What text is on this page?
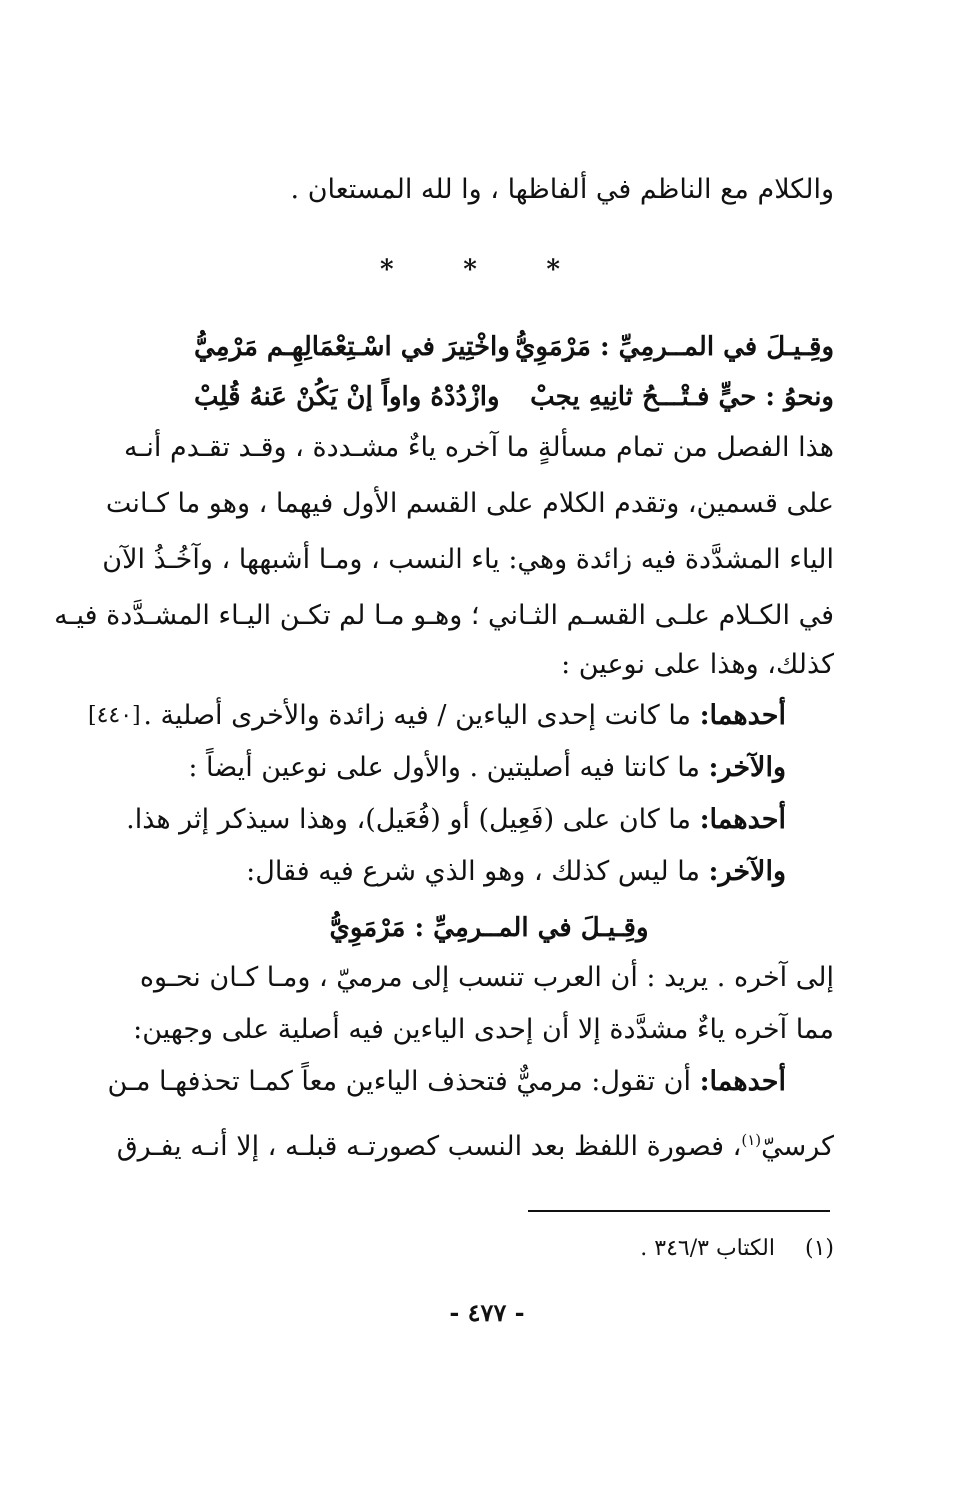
والكلام مع الناظم في ألفاظها ، وا لله المستعان .
*
*
*
وقِـيـلَ في المــرمِيِّ : مَرْمَوِيُّ
واخْتِيرَ في اسْـتِعْمَالِهِـم مَرْمِيُّ
ونحوُ : حيٍّ فـتْـــحُ ثانِيهِ يجبْ
وازْدُدْهُ واواً إنْ يَكُنْ عَنهُ قُلِبْ
هذا الفصل من تمام مسألةٍ ما آخره ياءٌ مشـددة ، وقـد تقـدم أنـه
على قسمين، وتقدم الكلام على القسم الأول فيهما ، وهو ما كـانت
الياء المشدَّدة فيه زائدة وهي: ياء النسب ، ومـا أشبهها ، وآخُـذُ الآن
في الكـلام علـى القسـم الثـاني ؛ وهـو مـا لم تكـن اليـاء المشـدَّدة فيـه
كذلك، وهذا على نوعين :
أحدهما: ما كانت إحدى الياءين / فيه زائدة والأخرى أصلية .
[٤٤٠]
والآخر: ما كانتا فيه أصليتين . والأول على نوعين أيضاً :
أحدهما: ما كان على (فَعِيل) أو (فُعَيل)، وهذا سيذكر إثر هذا.
والآخر: ما ليس كذلك ، وهو الذي شرع فيه فقال:
وقِـيـلَ في المــرمِيِّ : مَرْمَوِيُّ
إلى آخره . يريد : أن العرب تنسب إلى مرميّ ، ومـا كـان نحـوه
مما آخره ياءٌ مشدَّدة إلا أن إحدى الياءين فيه أصلية على وجهين:
أحدهما: أن تقول: مرميٌّ فتحذف الياءين معاً كمـا تحذفهـا مـن
كرسيّ$^{(١)}$، فصورة اللفظ بعد النسب كصورتـه قبلـه ، إلا أنـه يفـرق
(١)الكتاب ٣٤٦/٣ .
- ٤٧٧ -
